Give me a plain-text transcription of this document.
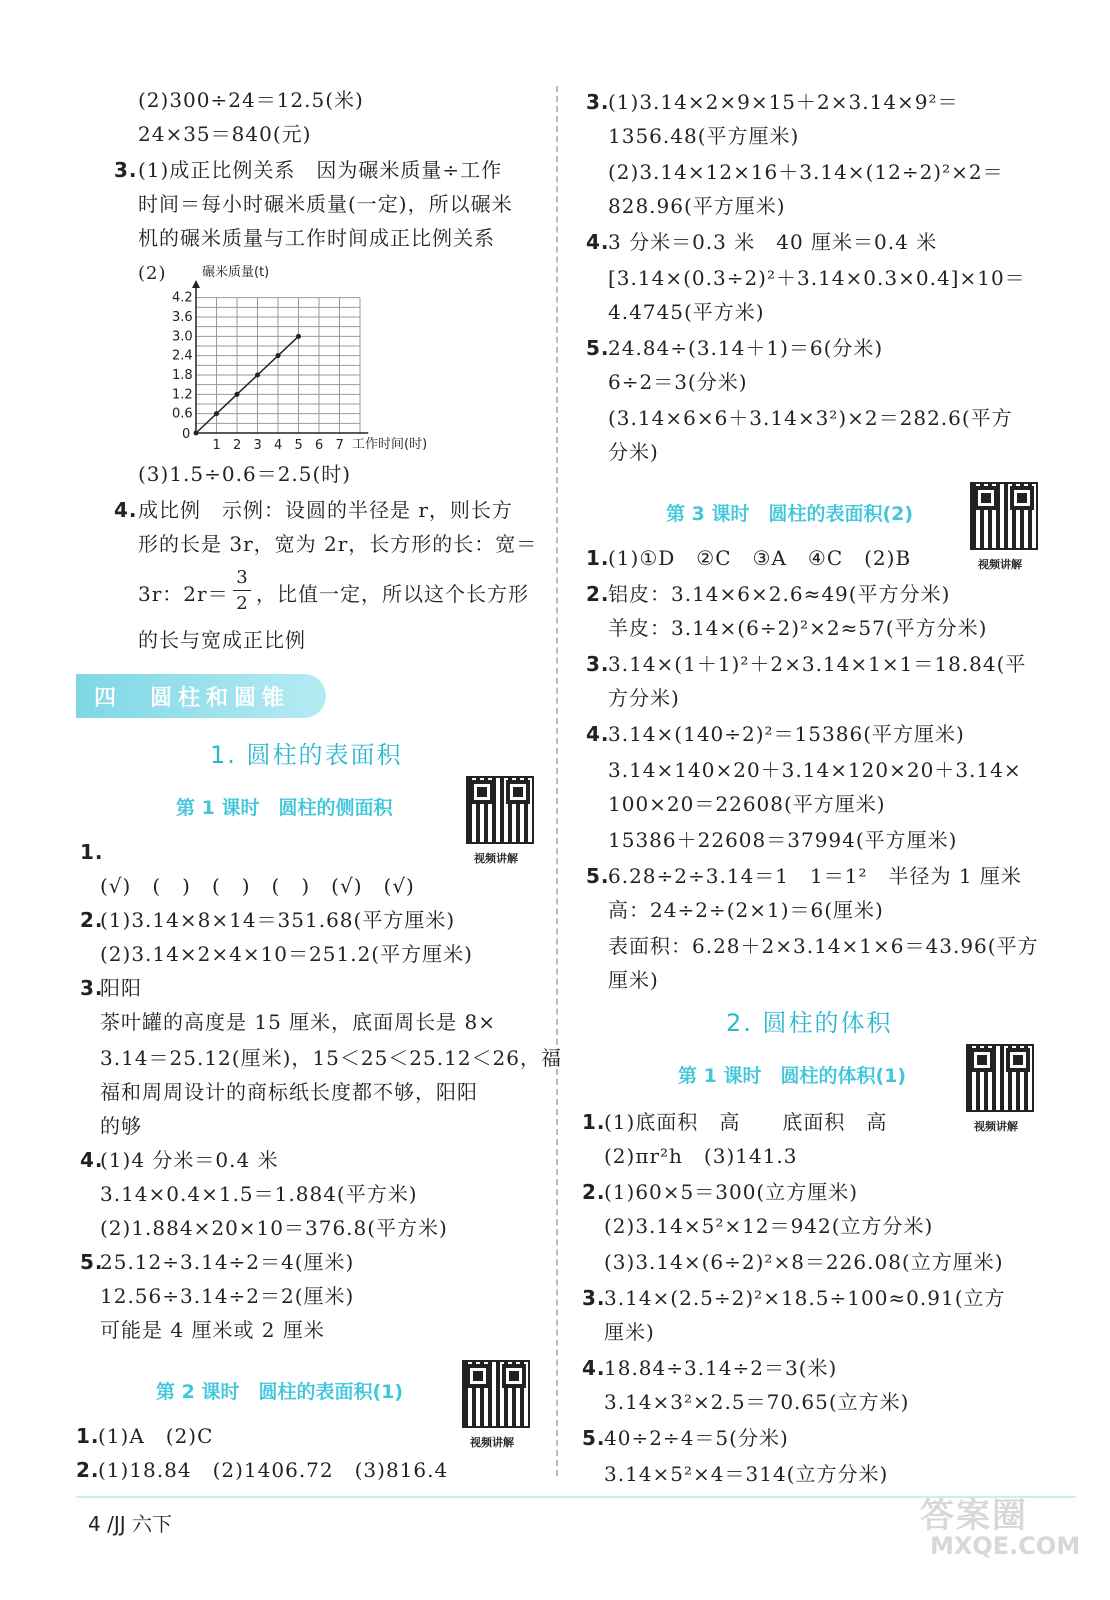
(2)300÷24＝12.5(米)
24×35＝840(元)
3. (1)成正比例关系　因为碾米质量÷工作
时间＝每小时碾米质量(一定)，所以碾米
机的碾米质量与工作时间成正比例关系
(2)
1 2 3 4 5 6 7
0.6
1.2
1.8
2.4
3.0
3.6
4.2
碾米质量(t)
工作时间(时)
0
(3)1.5÷0.6＝2.5(时)
4. 成比例　示例：设圆的半径是 r，则长方
形的长是 3r，宽为 2r，长方形的长：宽＝
3r：2r＝
3
2 ，比值一定，所以这个长方形
的长与宽成正比例
四　圆柱和圆锥
1. 圆柱的表面积
第 1 课时　圆柱的侧面积
视频讲解
1.
(√)　(　)　(　)　(　)　(√)　(√)
2.
(1)3.14×8×14＝351.68(平方厘米)
(2)3.14×2×4×10＝251.2(平方厘米)
3.
阳阳
茶叶罐的高度是 15 厘米，底面周长是 8×
3.14＝25.12(厘米)，15＜25＜25.12＜26，福
福和周周设计的商标纸长度都不够，阳阳
的够
4.
(1)4 分米＝0.4 米
3.14×0.4×1.5＝1.884(平方米)
(2)1.884×20×10＝376.8(平方米)
5.
25.12÷3.14÷2＝4(厘米)
12.56÷3.14÷2＝2(厘米)
可能是 4 厘米或 2 厘米
第 2 课时　圆柱的表面积(1)
视频讲解
1.
(1)A　(2)C
2.
(1)18.84　(2)1406.72　(3)816.4
3.
(1)3.14×2×9×15＋2×3.14×9²＝
1356.48(平方厘米)
(2)3.14×12×16＋3.14×(12÷2)²×2＝
828.96(平方厘米)
4.
3 分米＝0.3 米　40 厘米＝0.4 米
[3.14×(0.3÷2)²＋3.14×0.3×0.4]×10＝
4.4745(平方米)
5.
24.84÷(3.14＋1)＝6(分米)
6÷2＝3(分米)
(3.14×6×6＋3.14×3²)×2＝282.6(平方
分米)
第 3 课时　圆柱的表面积(2)
视频讲解
1.
(1)①D　②C　③A　④C　(2)B
2.
铝皮：3.14×6×2.6≈49(平方分米)
羊皮：3.14×(6÷2)²×2≈57(平方分米)
3.
3.14×(1＋1)²＋2×3.14×1×1＝18.84(平
方分米)
4.
3.14×(140÷2)²＝15386(平方厘米)
3.14×140×20＋3.14×120×20＋3.14×
100×20＝22608(平方厘米)
15386＋22608＝37994(平方厘米)
5.
6.28÷2÷3.14＝1　1＝1²　半径为 1 厘米
高：24÷2÷(2×1)＝6(厘米)
表面积：6.28＋2×3.14×1×6＝43.96(平方
厘米)
2. 圆柱的体积
第 1 课时　圆柱的体积(1)
视频讲解
1.
(1)底面积　高　　底面积　高
(2)πr²h　(3)141.3
2.
(1)60×5＝300(立方厘米)
(2)3.14×5²×12＝942(立方分米)
(3)3.14×(6÷2)²×8＝226.08(立方厘米)
3.
3.14×(2.5÷2)²×18.5÷100≈0.91(立方
厘米)
4.
18.84÷3.14÷2＝3(米)
3.14×3²×2.5＝70.65(立方米)
5.
40÷2÷4＝5(分米)
3.14×5²×4＝314(立方分米)
4 /JJ 六下	答案圈
MXQE.COM
